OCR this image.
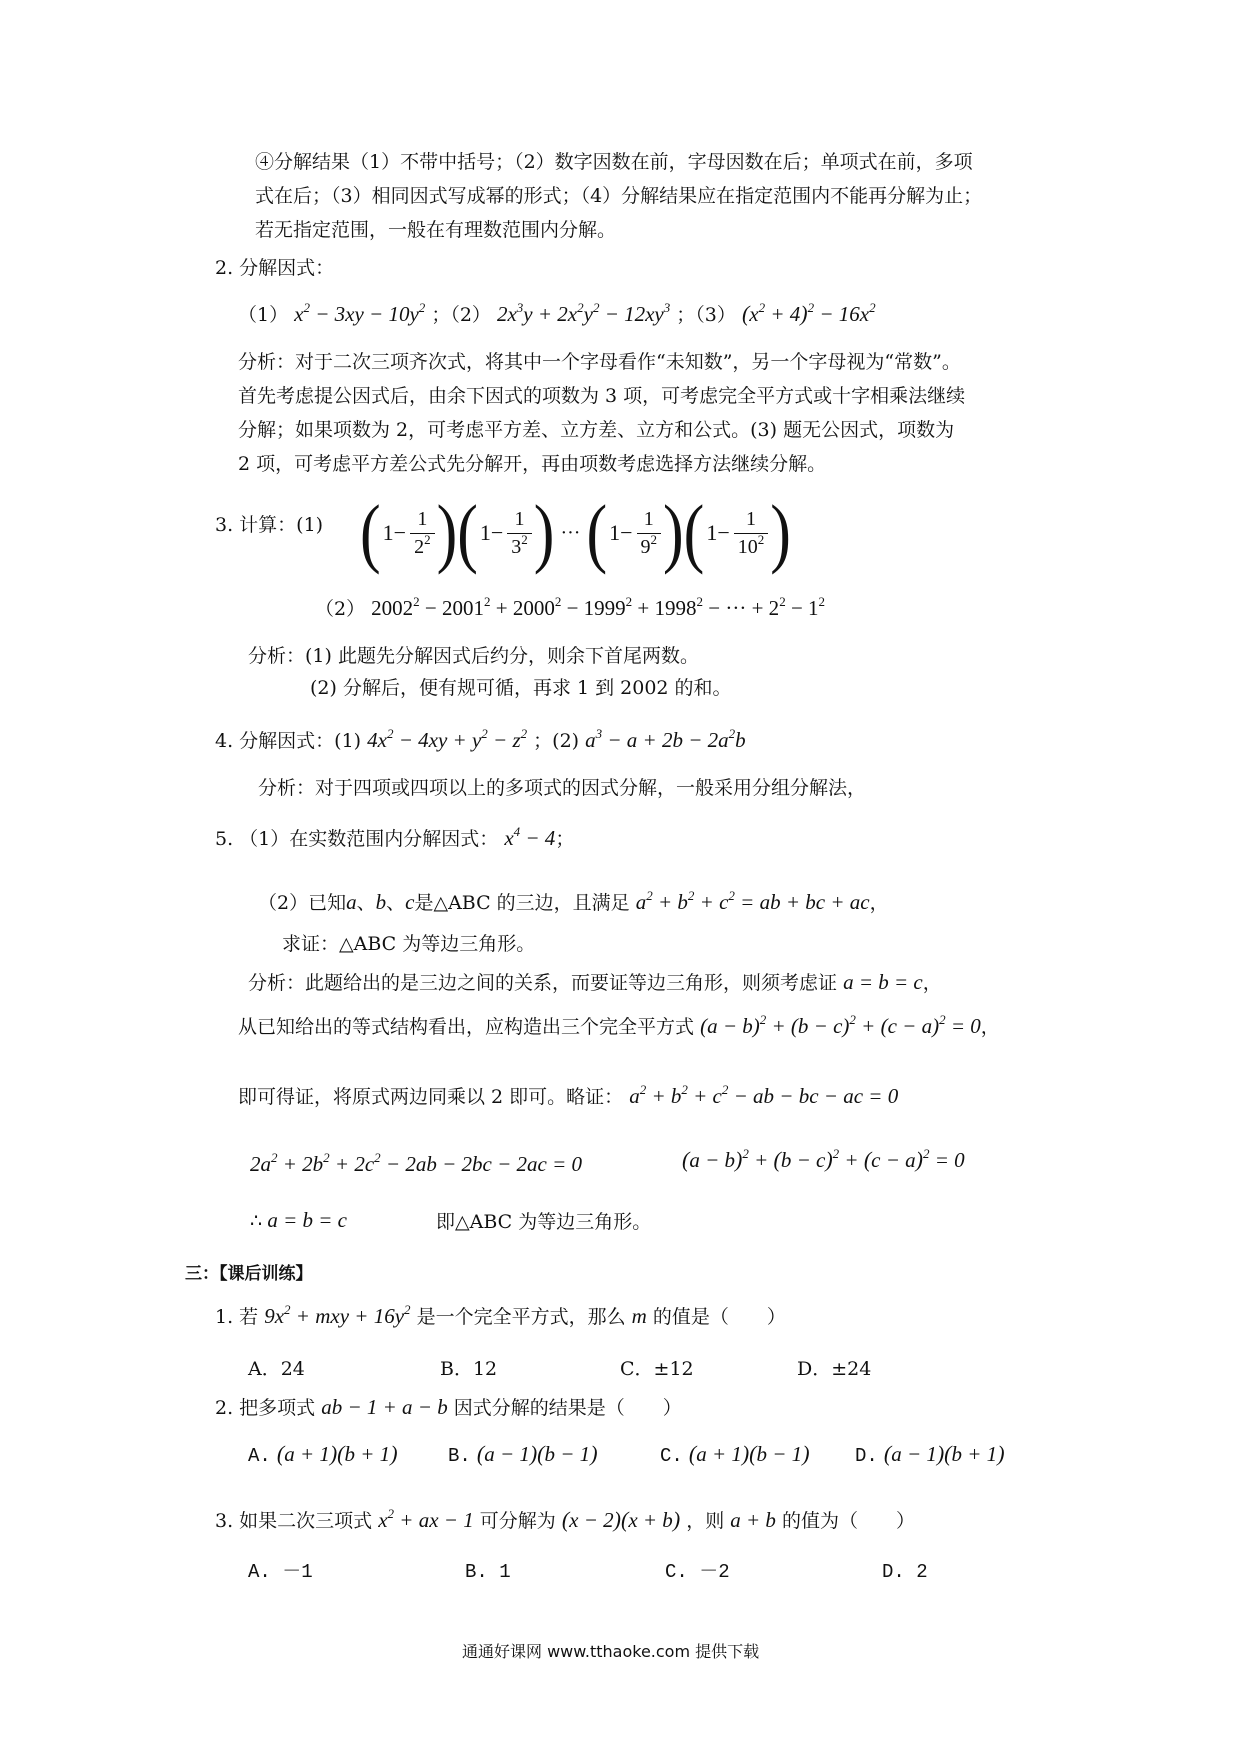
④分解结果（1）不带中括号；（2）数字因数在前，字母因数在后；单项式在前，多项
式在后；（3）相同因式写成幂的形式；（4）分解结果应在指定范围内不能再分解为止；
若无指定范围，一般在有理数范围内分解。
2. 分解因式：
（1） $x^2 - 3xy - 10y^2$ ；（2） $2x^3y + 2x^2y^2 - 12xy^3$ ；（3） $(x^2 + 4)^2 - 16x^2$
分析：对于二次三项齐次式，将其中一个字母看作“未知数”，另一个字母视为“常数”。
首先考虑提公因式后，由余下因式的项数为 3 项，可考虑完全平方式或十字相乘法继续
分解；如果项数为 2，可考虑平方差、立方差、立方和公式。(3) 题无公因式，项数为
2 项，可考虑平方差公式先分解开，再由项数考虑选择方法继续分解。
3. 计算：(1) ( $1- \frac{1}{2^2}$ )( $1- \frac{1}{3^2}$ ) ··· ( $1- \frac{1}{9^2}$ )( $1- \frac{1}{10^2}$ )
（2） $2002^2 - 2001^2 + 2000^2 - 1999^2 + 1998^2$ − ··· + $2^2 - 1^2$
分析：(1) 此题先分解因式后约分，则余下首尾两数。
(2) 分解后，便有规可循，再求 1 到 2002 的和。
4. 分解因式：(1) $4x^2 - 4xy + y^2 - z^2$ ；(2) $a^3 - a + 2b - 2a^2b$
分析：对于四项或四项以上的多项式的因式分解，一般采用分组分解法，
5. （1）在实数范围内分解因式： $x^4 - 4$；
（2）已知a、b、c是△ABC 的三边，且满足 $a^2 + b^2 + c^2$ = ab + bc + ac，
求证：△ABC 为等边三角形。
分析：此题给出的是三边之间的关系，而要证等边三角形，则须考虑证 a = b = c，
从已知给出的等式结构看出，应构造出三个完全平方式 $(a - b)^2 + (b - c)^2 + (c - a)^2 = 0$，
即可得证，将原式两边同乘以 2 即可。略证： $a^2 + b^2 + c^2$ − ab − bc − ac = 0
$2a^2 + 2b^2 + 2c^2 - 2ab - 2bc - 2ac = 0$	$(a - b)^2 + (b - c)^2 + (c - a)^2 = 0$
∴ a = b = c	即△ABC 为等边三角形。
三：【课后训练】
1. 若 $9x^2$ + mxy + $16y^2$ 是一个完全平方式，那么 m 的值是（　　）
A．24	B．12	C．±12	D．±24
2. 把多项式 ab − 1 + a − b 因式分解的结果是（　　）
A. (a + 1)(b + 1)	B. (a − 1)(b − 1)	C. (a + 1)(b − 1) D. (a − 1)(b + 1)
3. 如果二次三项式 $x^2$ + ax − 1 可分解为 (x − 2)(x + b) ，则 a + b 的值为（　　）
A. －1	B. 1	C. －2	D. 2
通通好课网 www.tthaoke.com 提供下载
